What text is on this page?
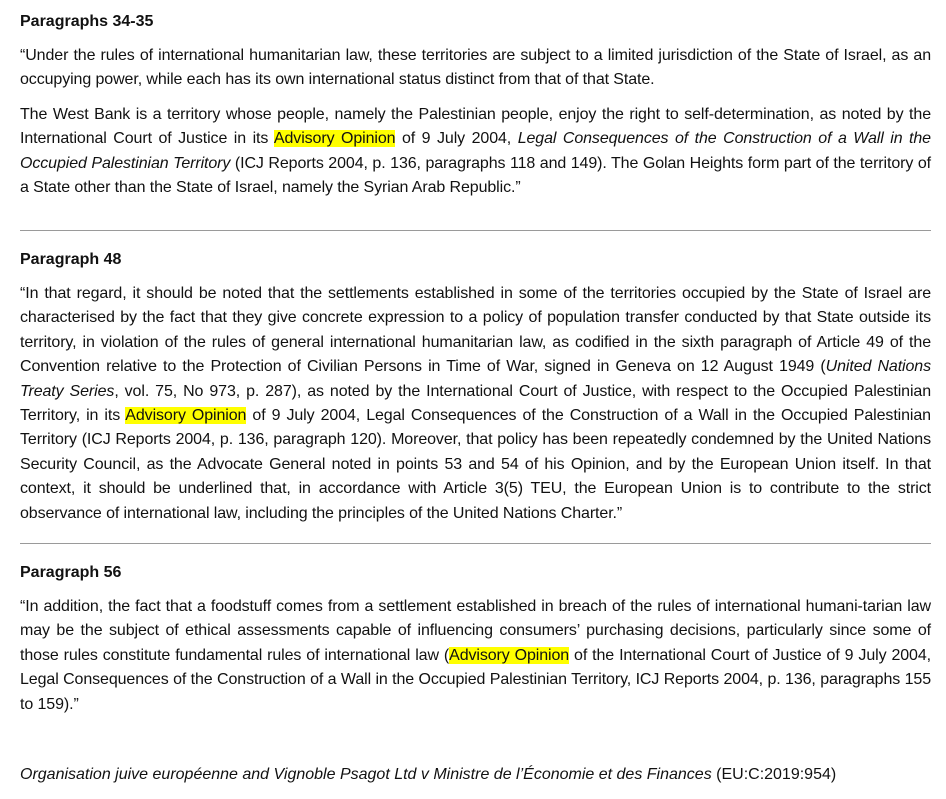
Paragraphs 34-35

“Under the rules of international humanitarian law, these territories are subject to a limited jurisdiction of the State of Israel, as an occupying power, while each has its own international status distinct from that of that State.

The West Bank is a territory whose people, namely the Palestinian people, enjoy the right to self-determination, as noted by the International Court of Justice in its Advisory Opinion of 9 July 2004, Legal Consequences of the Construction of a Wall in the Occupied Palestinian Territory (ICJ Reports 2004, p. 136, paragraphs 118 and 149). The Golan Heights form part of the territory of a State other than the State of Israel, namely the Syrian Arab Republic.”

Paragraph 48

“In that regard, it should be noted that the settlements established in some of the territories occupied by the State of Israel are characterised by the fact that they give concrete expression to a policy of population transfer conducted by that State outside its territory, in violation of the rules of general international humanitarian law, as codified in the sixth paragraph of Article 49 of the Convention relative to the Protection of Civilian Persons in Time of War, signed in Geneva on 12 August 1949 (United Nations Treaty Series, vol. 75, No 973, p. 287), as noted by the International Court of Justice, with respect to the Occupied Palestinian Territory, in its Advisory Opinion of 9 July 2004, Legal Consequences of the Construction of a Wall in the Occupied Palestinian Territory (ICJ Reports 2004, p. 136, paragraph 120). Moreover, that policy has been repeatedly condemned by the United Nations Security Council, as the Advocate General noted in points 53 and 54 of his Opinion, and by the European Union itself. In that context, it should be underlined that, in accordance with Article 3(5) TEU, the European Union is to contribute to the strict observance of international law, including the principles of the United Nations Charter.”

Paragraph 56

“In addition, the fact that a foodstuff comes from a settlement established in breach of the rules of international humani-tarian law may be the subject of ethical assessments capable of influencing consumers’ purchasing decisions, particularly since some of those rules constitute fundamental rules of international law (Advisory Opinion of the International Court of Justice of 9 July 2004, Legal Consequences of the Construction of a Wall in the Occupied Palestinian Territory, ICJ Reports 2004, p. 136, paragraphs 155 to 159).”

Organisation juive européenne and Vignoble Psagot Ltd v Ministre de l’Économie et des Finances (EU:C:2019:954)
